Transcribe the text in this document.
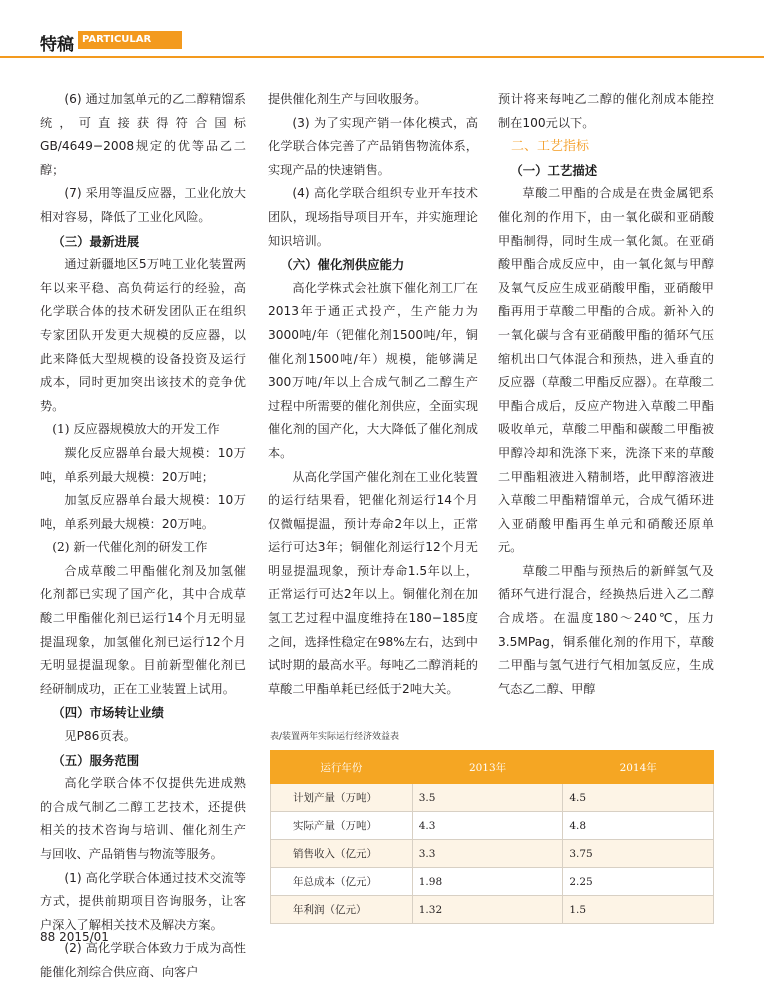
特稿 PARTICULAR

(6) 通过加氢单元的乙二醇精馏系统，可直接获得符合国标GB/4649−2008规定的优等品乙二醇；

(7) 采用等温反应器，工业化放大相对容易，降低了工业化风险。

（三）最新进展

通过新疆地区5万吨工业化装置两年以来平稳、高负荷运行的经验，高化学联合体的技术研发团队正在组织专家团队开发更大规模的反应器，以此来降低大型规模的设备投资及运行成本，同时更加突出该技术的竞争优势。

(1) 反应器规模放大的开发工作

羰化反应器单台最大规模：10万吨，单系列最大规模：20万吨；

加氢反应器单台最大规模：10万吨，单系列最大规模：20万吨。

(2) 新一代催化剂的研发工作

合成草酸二甲酯催化剂及加氢催化剂都已实现了国产化，其中合成草酸二甲酯催化剂已运行14个月无明显提温现象，加氢催化剂已运行12个月无明显提温现象。目前新型催化剂已经研制成功，正在工业装置上试用。

（四）市场转让业绩

见P86页表。

（五）服务范围

高化学联合体不仅提供先进成熟的合成气制乙二醇工艺技术，还提供相关的技术咨询与培训、催化剂生产与回收、产品销售与物流等服务。

(1) 高化学联合体通过技术交流等方式，提供前期项目咨询服务，让客户深入了解相关技术及解决方案。

(2) 高化学联合体致力于成为高性能催化剂综合供应商、向客户

提供催化剂生产与回收服务。

(3) 为了实现产销一体化模式，高化学联合体完善了产品销售物流体系，实现产品的快速销售。

(4) 高化学联合组织专业开车技术团队，现场指导项目开车，并实施理论知识培训。

（六）催化剂供应能力

高化学株式会社旗下催化剂工厂在2013年于通正式投产，生产能力为3000吨/年（钯催化剂1500吨/年，铜催化剂1500吨/年）规模，能够满足300万吨/年以上合成气制乙二醇生产过程中所需要的催化剂供应，全面实现催化剂的国产化，大大降低了催化剂成本。

从高化学国产催化剂在工业化装置的运行结果看，钯催化剂运行14个月仅微幅提温，预计寿命2年以上，正常运行可达3年；铜催化剂运行12个月无明显提温现象，预计寿命1.5年以上，正常运行可达2年以上。铜催化剂在加氢工艺过程中温度维持在180−185度之间，选择性稳定在98%左右，达到中试时期的最高水平。每吨乙二醇消耗的草酸二甲酯单耗已经低于2吨大关。

预计将来每吨乙二醇的催化剂成本能控制在100元以下。

二、工艺指标
（一）工艺描述

草酸二甲酯的合成是在贵金属钯系催化剂的作用下，由一氧化碳和亚硝酸甲酯制得，同时生成一氧化氮。在亚硝酸甲酯合成反应中，由一氧化氮与甲醇及氧气反应生成亚硝酸甲酯，亚硝酸甲酯再用于草酸二甲酯的合成。新补入的一氧化碳与含有亚硝酸甲酯的循环气压缩机出口气体混合和预热，进入垂直的反应器（草酸二甲酯反应器）。在草酸二甲酯合成后，反应产物进入草酸二甲酯吸收单元，草酸二甲酯和碳酸二甲酯被甲醇冷却和洗涤下来，洗涤下来的草酸二甲酯粗液进入精制塔，此甲醇溶液进入草酸二甲酯精馏单元，合成气循环进入亚硝酸甲酯再生单元和硝酸还原单元。

草酸二甲酯与预热后的新鲜氢气及循环气进行混合，经换热后进入乙二醇合成塔。在温度180～240℃，压力3.5MPag，铜系催化剂的作用下，草酸二甲酯与氢气进行气相加氢反应，生成气态乙二醇、甲醇

表/装置两年实际运行经济效益表
运行年份	2013年	2014年
计划产量（万吨）	3.5	4.5
实际产量（万吨）	4.3	4.8
销售收入（亿元）	3.3	3.75
年总成本（亿元）	1.98	2.25
年利润（亿元）	1.32	1.5
88 2015/01
